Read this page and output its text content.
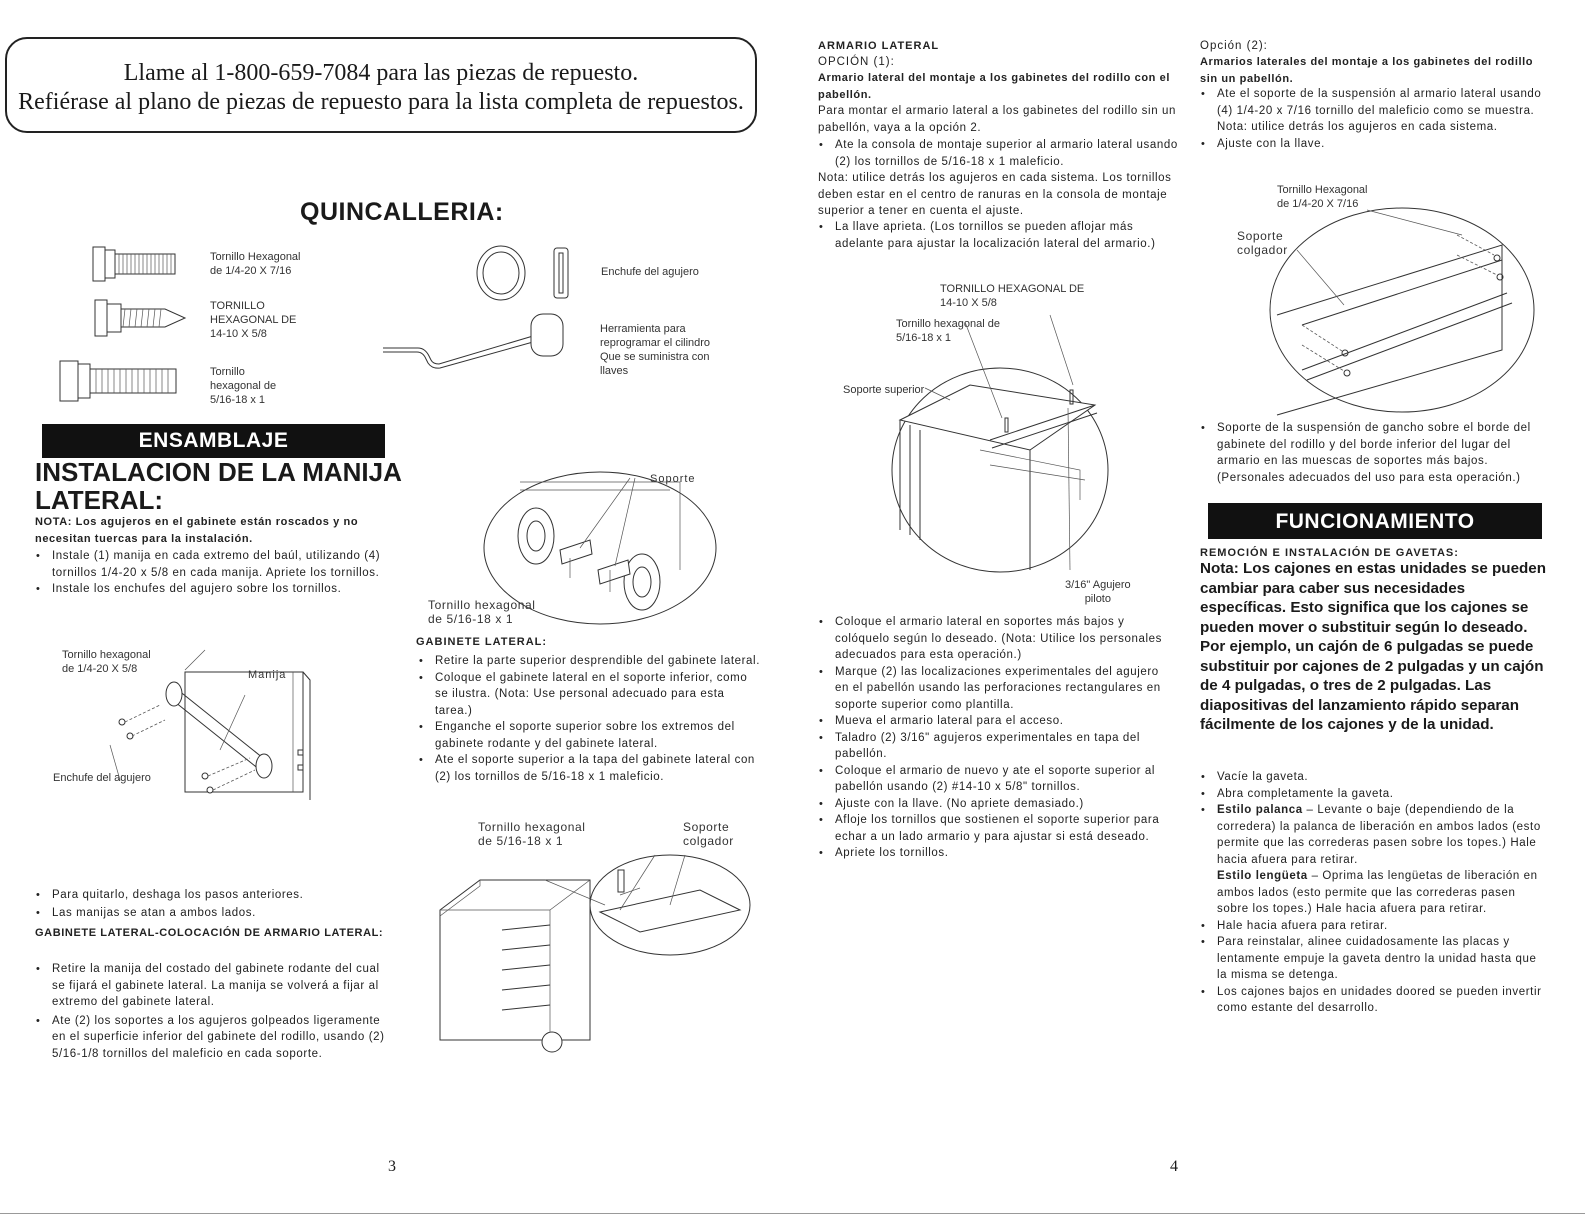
Llame al 1-800-659-7084 para las piezas de repuesto.
Refiérase al plano de piezas de repuesto para la lista completa de repuestos.
QUINCALLERIA:
Tornillo Hexagonal
de 1/4-20 X 7/16
TORNILLO
HEXAGONAL DE
14-10 X 5/8
Tornillo
hexagonal de
5/16-18 x 1
Enchufe del agujero
Herramienta para
reprogramar el cilindro
Que se suministra con
llaves
ENSAMBLAJE
INSTALACION DE LA MANIJA LATERAL:
NOTA: Los agujeros en el gabinete están roscados y no necesitan tuercas para la instalación.
• Instale (1) manija en cada extremo del baúl, utilizando (4) tornillos 1/4-20 x 5/8 en cada manija. Apriete los tornillos.
• Instale los enchufes del agujero sobre los tornillos.
Tornillo hexagonal
de 1/4-20 X 5/8	Manija
Enchufe del agujero
• Para quitarlo, deshaga los pasos anteriores.
• Las manijas se atan a ambos lados.
GABINETE LATERAL-COLOCACIÓN DE ARMARIO LATERAL:
• Retire la manija del costado del gabinete rodante del cual se fijará el gabinete lateral. La manija se volverá a fijar al extremo del gabinete lateral.
• Ate (2) los soportes a los agujeros golpeados ligeramente en el superficie inferior del gabinete del rodillo, usando (2) 5/16-1/8 tornillos del maleficio en cada soporte.
3
Soporte
Tornillo hexagonal
de 5/16-18 x 1
GABINETE LATERAL:
• Retire la parte superior desprendible del gabinete lateral.
• Coloque el gabinete lateral en el soporte inferior, como se ilustra. (Nota: Use personal adecuado para esta tarea.)
• Enganche el soporte superior sobre los extremos del gabinete rodante y del gabinete lateral.
• Ate el soporte superior a la tapa del gabinete lateral con (2) los tornillos de 5/16-18 x 1 maleficio.
Tornillo hexagonal
de 5/16-18 x 1
Soporte
colgador
ARMARIO LATERAL
OPCIÓN (1):
Armario lateral del montaje a los gabinetes del rodillo con el pabellón.
Para montar el armario lateral a los gabinetes del rodillo sin un pabellón, vaya a la opción 2.
• Ate la consola de montaje superior al armario lateral usando (2) los tornillos de 5/16-18 x 1 maleficio.
Nota: utilice detrás los agujeros en cada sistema. Los tornillos deben estar en el centro de ranuras en la consola de montaje superior a tener en cuenta el ajuste.
• La llave aprieta. (Los tornillos se pueden aflojar más adelante para ajustar la localización lateral del armario.)
TORNILLO HEXAGONAL DE
14-10 X 5/8
Tornillo hexagonal de
5/16-18 x 1
Soporte superior
3/16" Agujero
piloto
• Coloque el armario lateral en soportes más bajos y colóquelo según lo deseado. (Nota: Utilice los personales adecuados para esta operación.)
• Marque (2) las localizaciones experimentales del agujero en el pabellón usando las perforaciones rectangulares en soporte superior como plantilla.
• Mueva el armario lateral para el acceso.
• Taladro (2) 3/16" agujeros experimentales en tapa del pabellón.
• Coloque el armario de nuevo y ate el soporte superior al pabellón usando (2) #14-10 x 5/8" tornillos.
• Ajuste con la llave. (No apriete demasiado.)
• Afloje los tornillos que sostienen el soporte superior para echar a un lado armario y para ajustar si está deseado.
• Apriete los tornillos.
4
Opción (2):
Armarios laterales del montaje a los gabinetes del rodillo sin un pabellón.
• Ate el soporte de la suspensión al armario lateral usando (4) 1/4-20 x 7/16 tornillo del maleficio como se muestra. Nota: utilice detrás los agujeros en cada sistema.
• Ajuste con la llave.
Tornillo Hexagonal
de 1/4-20 X 7/16
Soporte
colgador
• Soporte de la suspensión de gancho sobre el borde del gabinete del rodillo y del borde inferior del lugar del armario en las muescas de soportes más bajos. (Personales adecuados del uso para esta operación.)
FUNCIONAMIENTO
REMOCIÓN E INSTALACIÓN DE GAVETAS:
Nota: Los cajones en estas unidades se pueden cambiar para caber sus necesidades específicas. Esto significa que los cajones se pueden mover o substituir según lo deseado. Por ejemplo, un cajón de 6 pulgadas se puede substituir por cajones de 2 pulgadas y un cajón de 4 pulgadas, o tres de 2 pulgadas. Las diapositivas del lanzamiento rápido separan fácilmente de los cajones y de la unidad.
• Vacíe la gaveta.
• Abra completamente la gaveta.
• Estilo palanca – Levante o baje (dependiendo de la corredera) la palanca de liberación en ambos lados (esto permite que las correderas pasen sobre los topes.) Hale hacia afuera para retirar.
Estilo lengüeta – Oprima las lengüetas de liberación en ambos lados (esto permite que las correderas pasen sobre los topes.) Hale hacia afuera para retirar.
• Hale hacia afuera para retirar.
• Para reinstalar, alinee cuidadosamente las placas y lentamente empuje la gaveta dentro la unidad hasta que la misma se detenga.
• Los cajones bajos en unidades doored se pueden invertir como estante del desarrollo.
